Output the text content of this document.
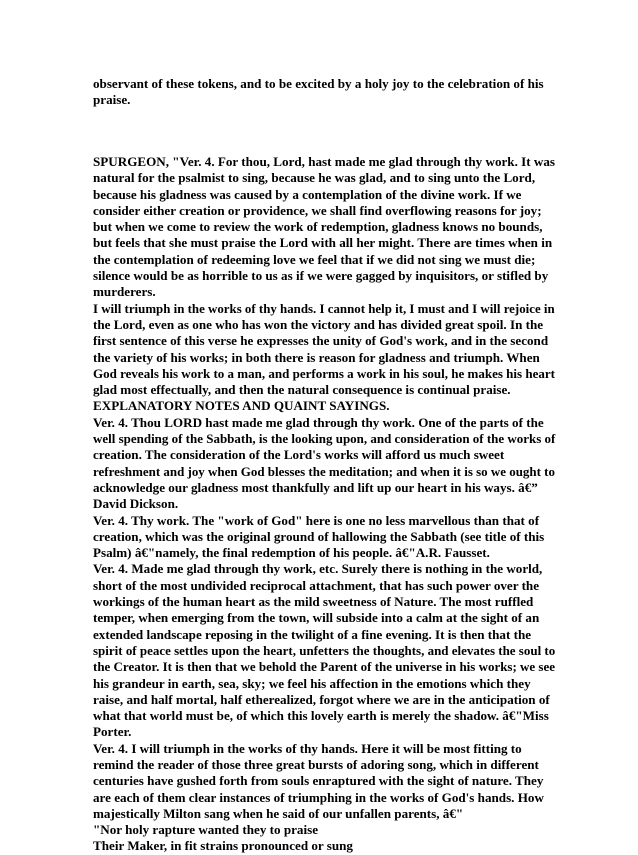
observant of these tokens, and to be excited by a holy joy to the celebration of his
praise.
SPURGEON, "Ver. 4. For thou, Lord, hast made me glad through thy work. It was
natural for the psalmist to sing, because he was glad, and to sing unto the Lord,
because his gladness was caused by a contemplation of the divine work. If we
consider either creation or providence, we shall find overflowing reasons for joy;
but when we come to review the work of redemption, gladness knows no bounds,
but feels that she must praise the Lord with all her might. There are times when in
the contemplation of redeeming love we feel that if we did not sing we must die;
silence would be as horrible to us as if we were gagged by inquisitors, or stifled by
murderers.
I will triumph in the works of thy hands. I cannot help it, I must and I will rejoice in
the Lord, even as one who has won the victory and has divided great spoil. In the
first sentence of this verse he expresses the unity of God's work, and in the second
the variety of his works; in both there is reason for gladness and triumph. When
God reveals his work to a man, and performs a work in his soul, he makes his heart
glad most effectually, and then the natural consequence is continual praise.
EXPLANATORY NOTES AND QUAINT SAYINGS.
Ver. 4. Thou LORD hast made me glad through thy work. One of the parts of the
well spending of the Sabbath, is the looking upon, and consideration of the works of
creation. The consideration of the Lord's works will afford us much sweet
refreshment and joy when God blesses the meditation; and when it is so we ought to
acknowledge our gladness most thankfully and lift up our heart in his ways. â€”
David Dickson.
Ver. 4. Thy work. The "work of God" here is one no less marvellous than that of
creation, which was the original ground of hallowing the Sabbath (see title of this
Psalm) â€"namely, the final redemption of his people. â€"A.R. Fausset.
Ver. 4. Made me glad through thy work, etc. Surely there is nothing in the world,
short of the most undivided reciprocal attachment, that has such power over the
workings of the human heart as the mild sweetness of Nature. The most ruffled
temper, when emerging from the town, will subside into a calm at the sight of an
extended landscape reposing in the twilight of a fine evening. It is then that the
spirit of peace settles upon the heart, unfetters the thoughts, and elevates the soul to
the Creator. It is then that we behold the Parent of the universe in his works; we see
his grandeur in earth, sea, sky; we feel his affection in the emotions which they
raise, and half mortal, half etherealized, forgot where we are in the anticipation of
what that world must be, of which this lovely earth is merely the shadow. â€"Miss
Porter.
Ver. 4. I will triumph in the works of thy hands. Here it will be most fitting to
remind the reader of those three great bursts of adoring song, which in different
centuries have gushed forth from souls enraptured with the sight of nature. They
are each of them clear instances of triumphing in the works of God's hands. How
majestically Milton sang when he said of our unfallen parents, â€"
"Nor holy rapture wanted they to praise
Their Maker, in fit strains pronounced or sung
